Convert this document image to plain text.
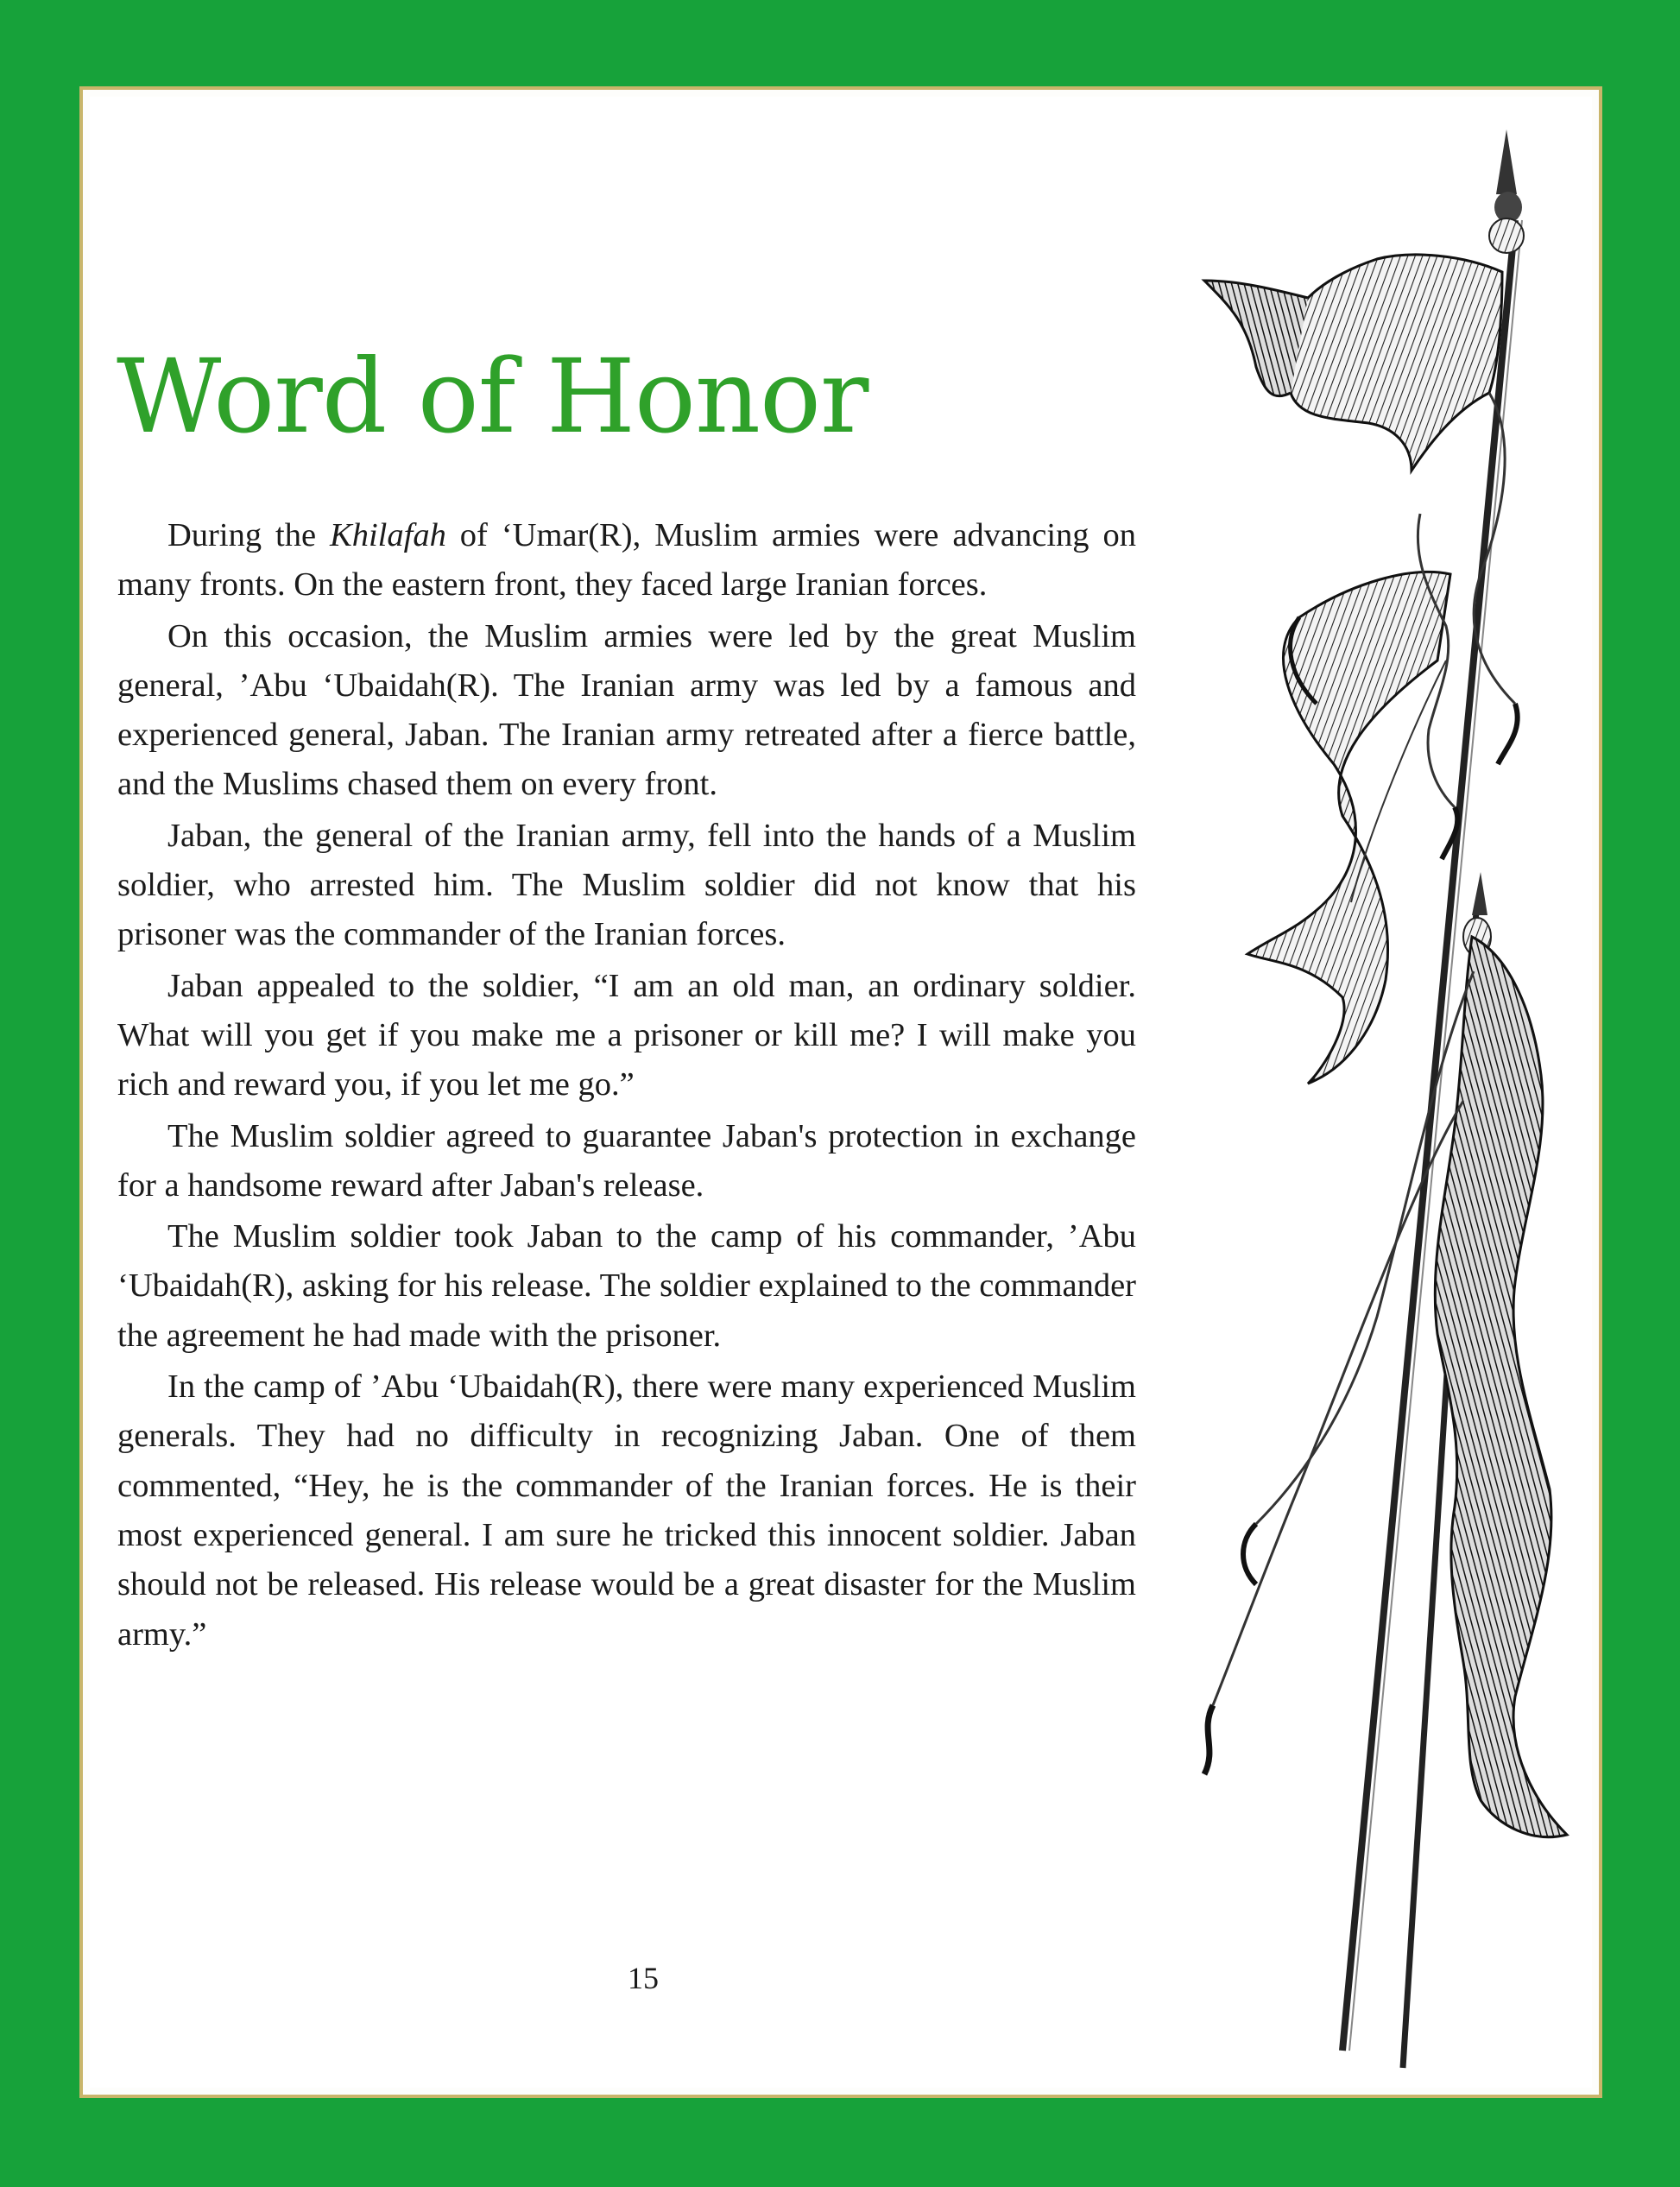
Word of Honor

During the Khilafah of ‘Umar(R), Muslim armies were advancing on many fronts. On the eastern front, they faced large Iranian forces.

On this occasion, the Muslim armies were led by the great Muslim general, ’Abu ‘Ubaidah(R). The Iranian army was led by a famous and experienced general, Jaban. The Iranian army retreated after a fierce battle, and the Muslims chased them on every front.

Jaban, the general of the Iranian army, fell into the hands of a Muslim soldier, who arrested him. The Muslim soldier did not know that his prisoner was the commander of the Iranian forces.

Jaban appealed to the soldier, “I am an old man, an ordinary soldier. What will you get if you make me a prisoner or kill me? I will make you rich and reward you, if you let me go.”

The Muslim soldier agreed to guarantee Jaban's protection in exchange for a handsome reward after Jaban's release.

The Muslim soldier took Jaban to the camp of his commander, ’Abu ‘Ubaidah(R), asking for his release. The soldier explained to the commander the agreement he had made with the prisoner.

In the camp of ’Abu ‘Ubaidah(R), there were many experienced Muslim generals. They had no difficulty in recognizing Jaban. One of them commented, “Hey, he is the commander of the Iranian forces. He is their most experienced general. I am sure he tricked this innocent soldier. Jaban should not be released. His release would be a great disaster for the Muslim army.”

15
